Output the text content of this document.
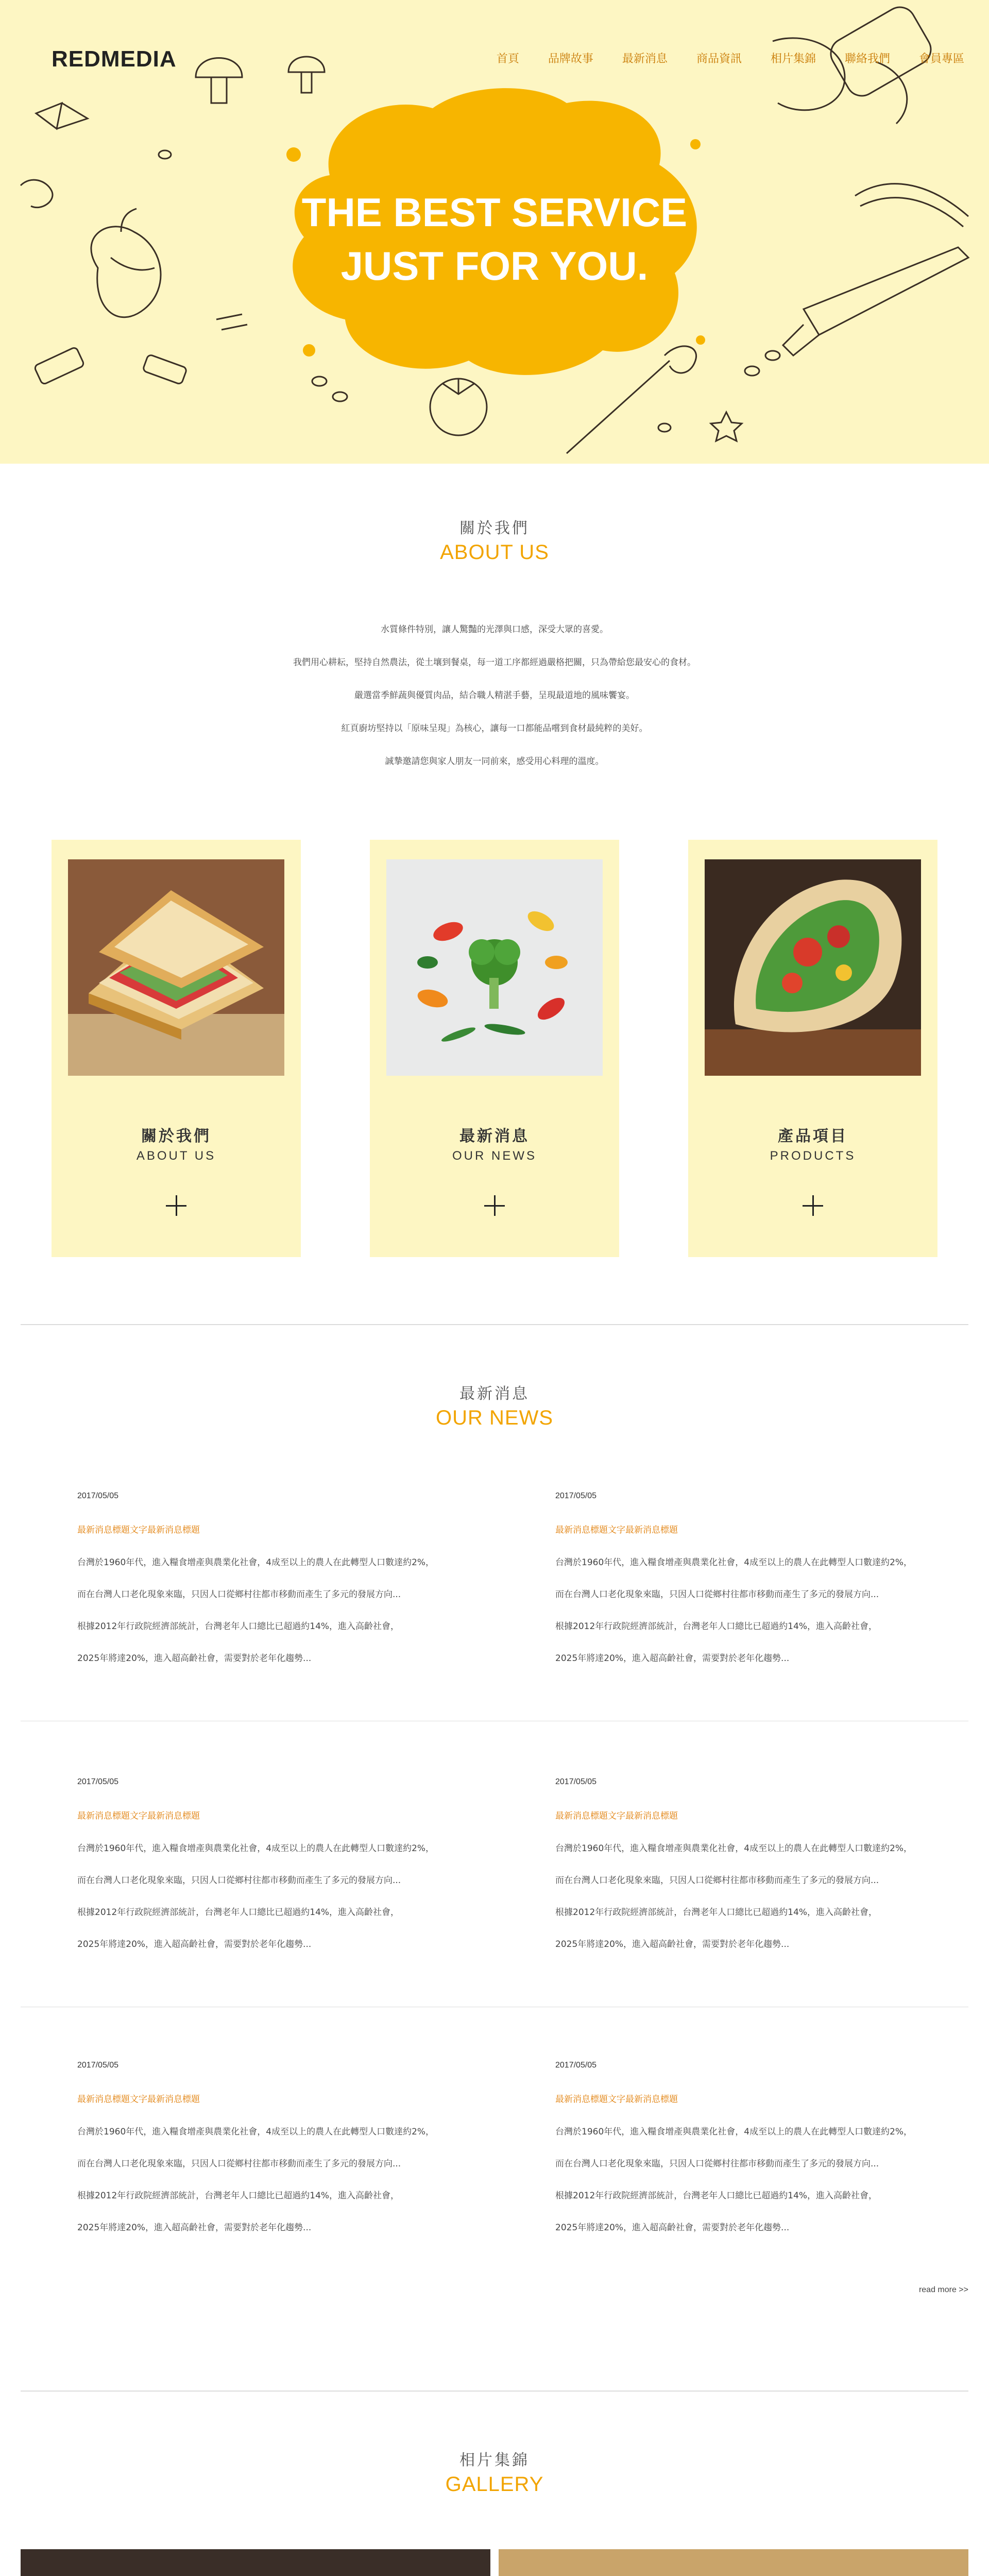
REDMEDIA	首頁	品牌故事	最新消息	商品資訊	相片集錦	聯絡我們	會員專區
THE BEST SERVICE
JUST FOR YOU.
關於我們
ABOUT US
水質條件特別，讓人驚豔的光澤與口感，深受大眾的喜愛。
我們用心耕耘，堅持自然農法，從土壤到餐桌，每一道工序都經過嚴格把關，只為帶給您最安心的食材。
嚴選當季鮮蔬與優質肉品，結合職人精湛手藝，呈現最道地的風味饗宴。
紅頁廚坊堅持以「原味呈現」為核心，讓每一口都能品嚐到食材最純粹的美好。
誠摯邀請您與家人朋友一同前來，感受用心料理的溫度。
關於我們
ABOUT US
最新消息
OUR NEWS
產品項目
PRODUCTS
最新消息
OUR NEWS
2017/05/05
最新消息標題文字最新消息標題

台灣於1960年代，進入糧食增產與農業化社會，4成至以上的農人在此轉型人口數達約2%，

而在台灣人口老化現象來臨，只因人口從鄉村往都市移動而產生了多元的發展方向...

根據2012年行政院經濟部統計，台灣老年人口總比已超過約14%，進入高齡社會，

2025年將達20%，進入超高齡社會，需要對於老年化趨勢...

2017/05/05
最新消息標題文字最新消息標題

台灣於1960年代，進入糧食增產與農業化社會，4成至以上的農人在此轉型人口數達約2%，

而在台灣人口老化現象來臨，只因人口從鄉村往都市移動而產生了多元的發展方向...

根據2012年行政院經濟部統計，台灣老年人口總比已超過約14%，進入高齡社會，

2025年將達20%，進入超高齡社會，需要對於老年化趨勢...

2017/05/05
最新消息標題文字最新消息標題

台灣於1960年代，進入糧食增產與農業化社會，4成至以上的農人在此轉型人口數達約2%，

而在台灣人口老化現象來臨，只因人口從鄉村往都市移動而產生了多元的發展方向...

根據2012年行政院經濟部統計，台灣老年人口總比已超過約14%，進入高齡社會，

2025年將達20%，進入超高齡社會，需要對於老年化趨勢...

2017/05/05
最新消息標題文字最新消息標題

台灣於1960年代，進入糧食增產與農業化社會，4成至以上的農人在此轉型人口數達約2%，

而在台灣人口老化現象來臨，只因人口從鄉村往都市移動而產生了多元的發展方向...

根據2012年行政院經濟部統計，台灣老年人口總比已超過約14%，進入高齡社會，

2025年將達20%，進入超高齡社會，需要對於老年化趨勢...

2017/05/05
最新消息標題文字最新消息標題

台灣於1960年代，進入糧食增產與農業化社會，4成至以上的農人在此轉型人口數達約2%，

而在台灣人口老化現象來臨，只因人口從鄉村往都市移動而產生了多元的發展方向...

根據2012年行政院經濟部統計，台灣老年人口總比已超過約14%，進入高齡社會，

2025年將達20%，進入超高齡社會，需要對於老年化趨勢...

2017/05/05
最新消息標題文字最新消息標題

台灣於1960年代，進入糧食增產與農業化社會，4成至以上的農人在此轉型人口數達約2%，

而在台灣人口老化現象來臨，只因人口從鄉村往都市移動而產生了多元的發展方向...

根據2012年行政院經濟部統計，台灣老年人口總比已超過約14%，進入高齡社會，

2025年將達20%，進入超高齡社會，需要對於老年化趨勢...

read more >>
相片集錦
GALLERY
